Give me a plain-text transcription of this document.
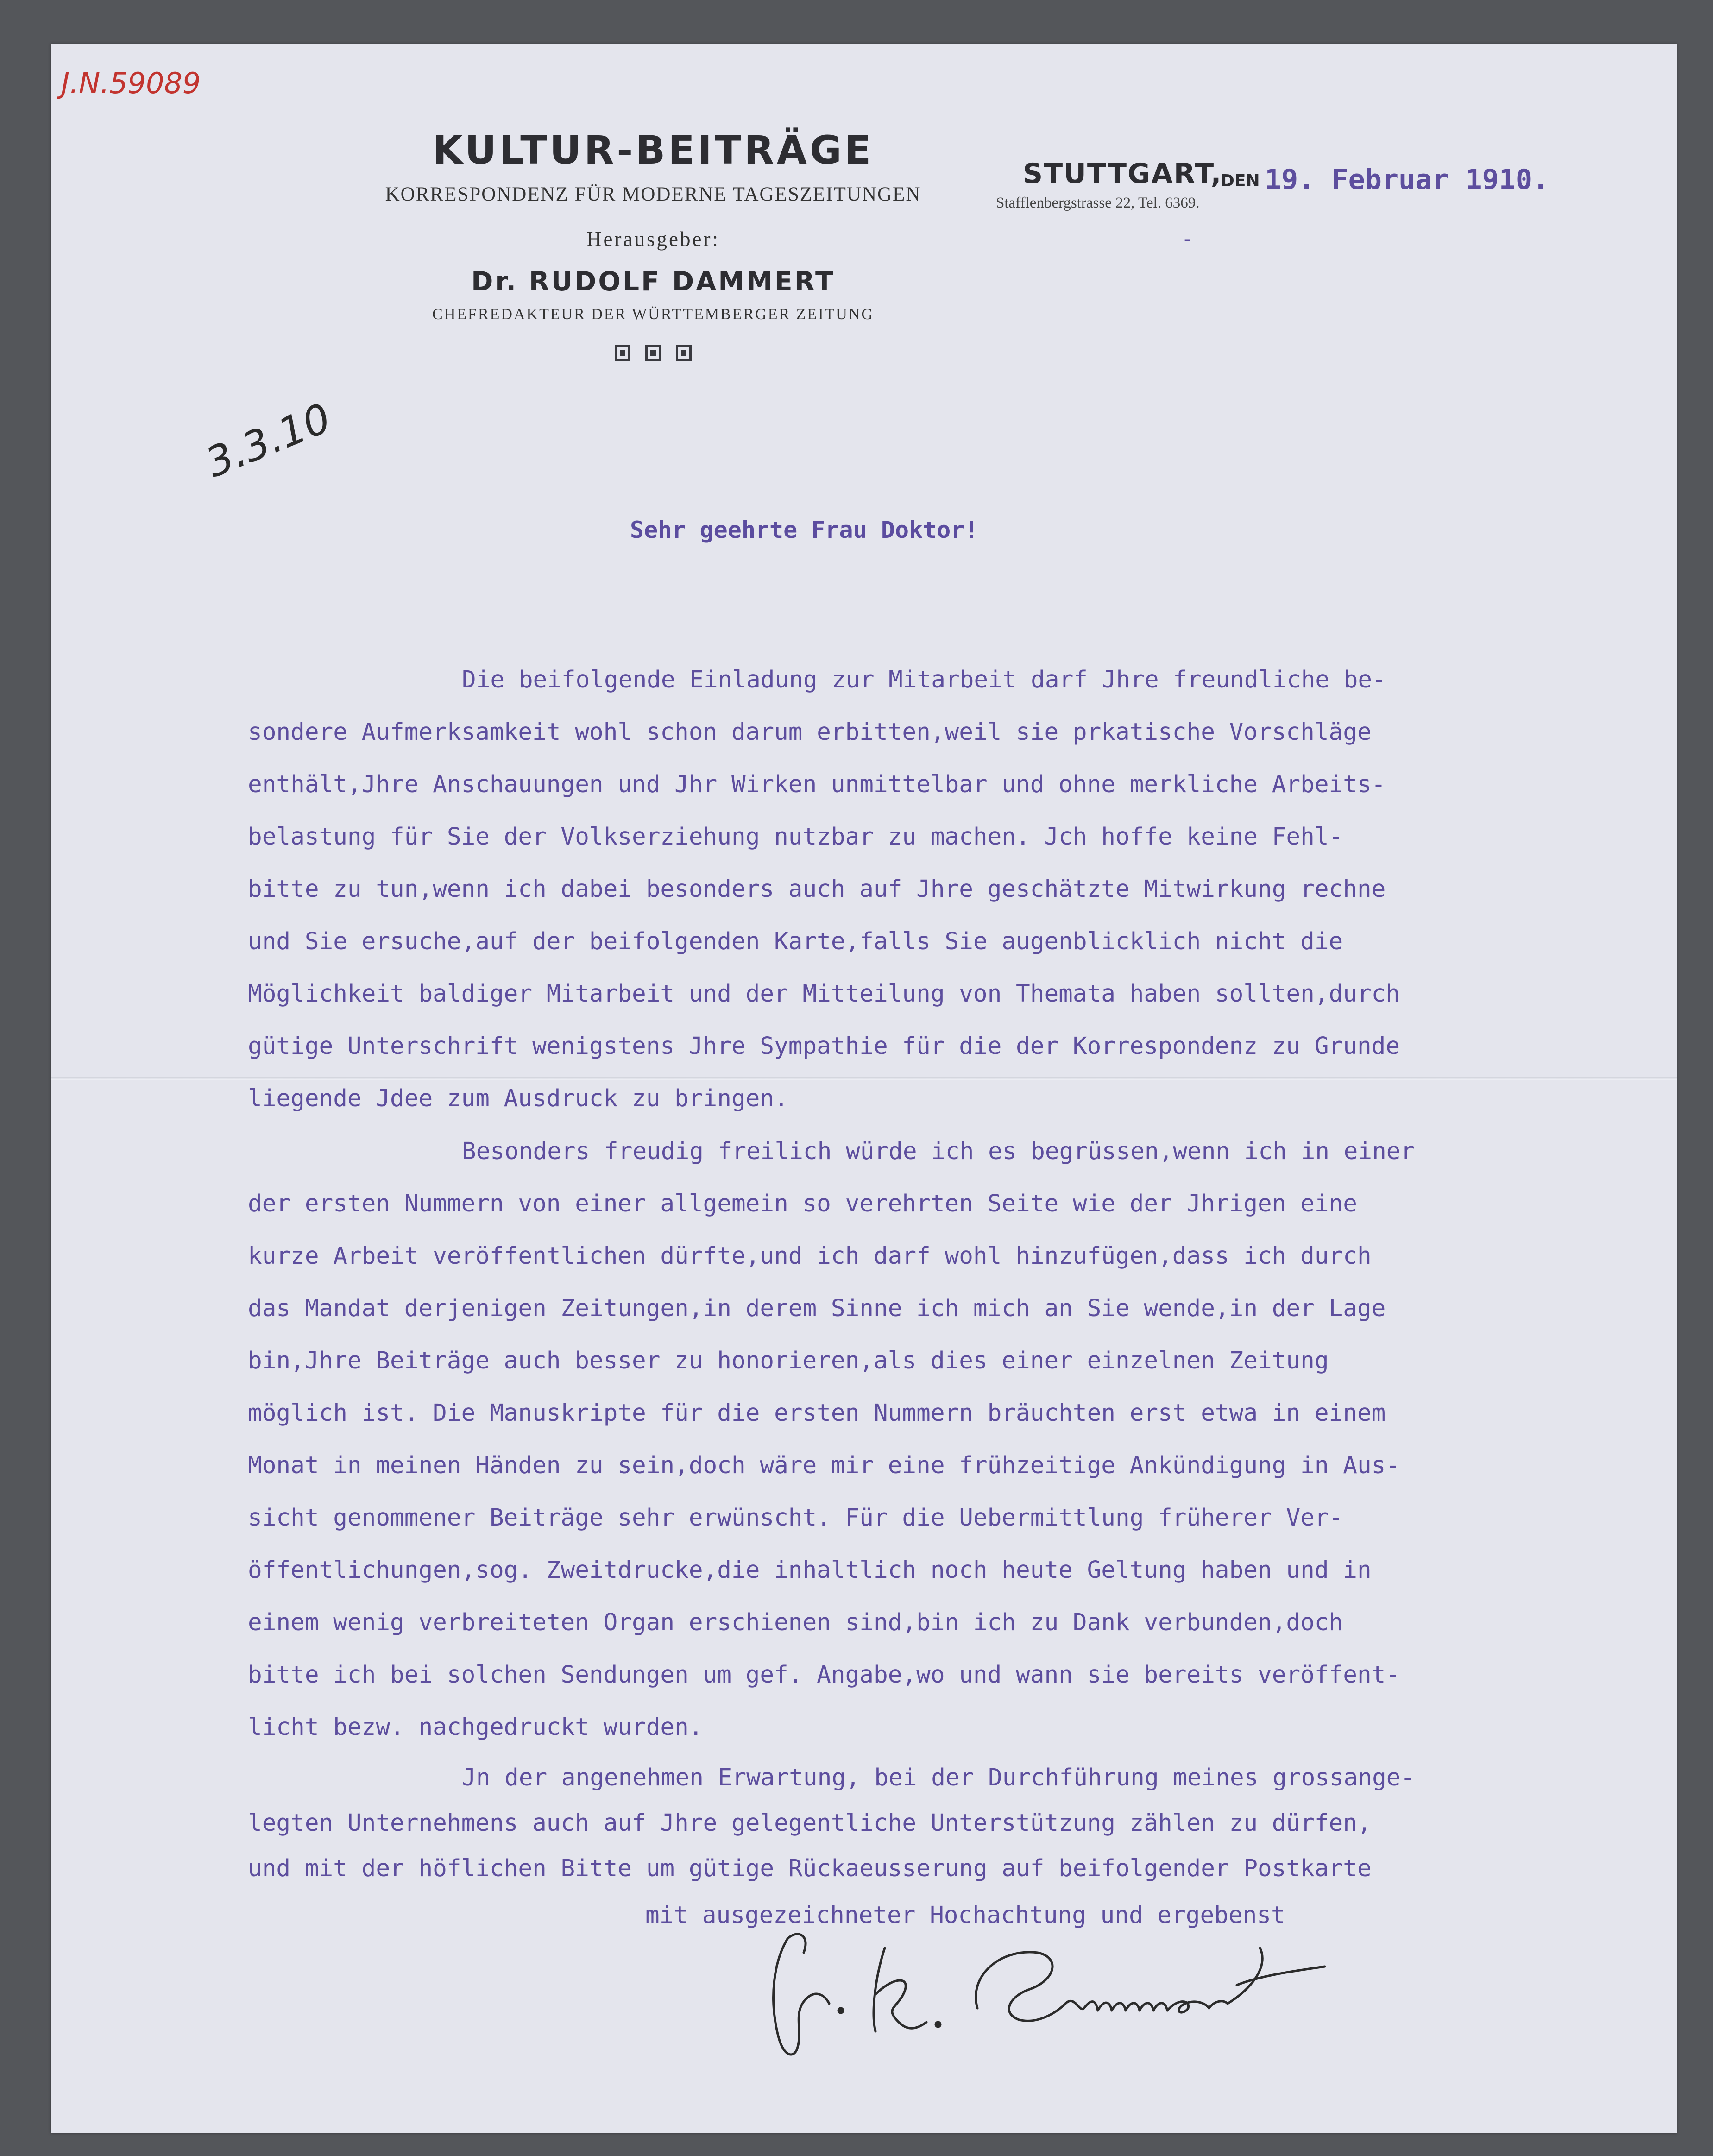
J.N.59089

KULTUR-BEITRÄGE

KORRESPONDENZ FÜR MODERNE TAGESZEITUNGEN

Herausgeber:

Dr. RUDOLF DAMMERT

CHEFREDAKTEUR DER WÜRTTEMBERGER ZEITUNG

STUTTGART,

DEN

Stafflenbergstrasse 22, Tel. 6369.

19. Februar 1910.

-

3.3.10

Sehr geehrte Frau Doktor!

Die beifolgende Einladung zur Mitarbeit darf Jhre freundliche be-

sondere Aufmerksamkeit wohl schon darum erbitten,weil sie prkatische Vorschläge

enthält,Jhre Anschauungen und Jhr Wirken unmittelbar und ohne merkliche Arbeits-

belastung für Sie der Volkserziehung nutzbar zu machen. Jch hoffe keine Fehl-

bitte zu tun,wenn ich dabei besonders auch auf Jhre geschätzte Mitwirkung rechne

und Sie ersuche,auf der beifolgenden Karte,falls Sie augenblicklich nicht die

Möglichkeit baldiger Mitarbeit und der Mitteilung von Themata haben sollten,durch

gütige Unterschrift wenigstens Jhre Sympathie für die der Korrespondenz zu Grunde

liegende Jdee zum Ausdruck zu bringen.

Besonders freudig freilich würde ich es begrüssen,wenn ich in einer

der ersten Nummern von einer allgemein so verehrten Seite wie der Jhrigen eine

kurze Arbeit veröffentlichen dürfte,und ich darf wohl hinzufügen,dass ich durch

das Mandat derjenigen Zeitungen,in derem Sinne ich mich an Sie wende,in der Lage

bin,Jhre Beiträge auch besser zu honorieren,als dies einer einzelnen Zeitung

möglich ist. Die Manuskripte für die ersten Nummern bräuchten erst etwa in einem

Monat in meinen Händen zu sein,doch wäre mir eine frühzeitige Ankündigung in Aus-

sicht genommener Beiträge sehr erwünscht. Für die Uebermittlung früherer Ver-

öffentlichungen,sog. Zweitdrucke,die inhaltlich noch heute Geltung haben und in

einem wenig verbreiteten Organ erschienen sind,bin ich zu Dank verbunden,doch

bitte ich bei solchen Sendungen um gef. Angabe,wo und wann sie bereits veröffent-

licht bezw. nachgedruckt wurden.

Jn der angenehmen Erwartung, bei der Durchführung meines grossange-

legten Unternehmens auch auf Jhre gelegentliche Unterstützung zählen zu dürfen,

und mit der höflichen Bitte um gütige Rückaeusserung auf beifolgender Postkarte

mit ausgezeichneter Hochachtung und ergebenst
